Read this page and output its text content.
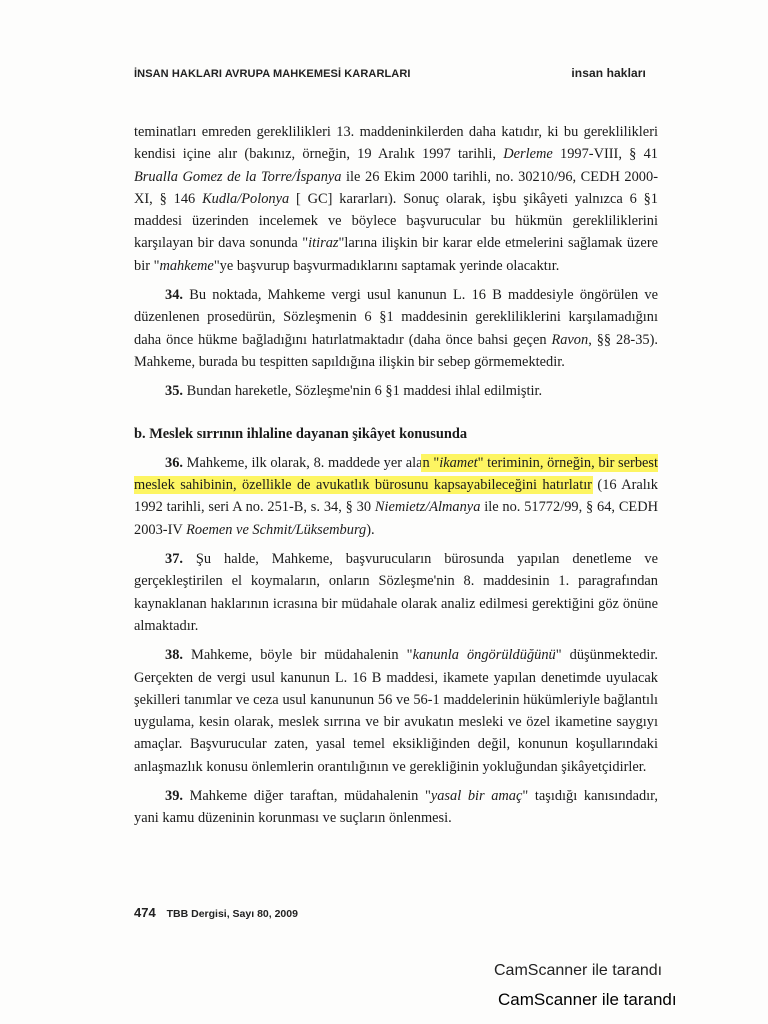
İNSAN HAKLARI AVRUPA MAHKEMESİ KARARLARI	insan hakları

teminatları emreden gereklilikleri 13. maddeninkilerden daha katıdır, ki bu gereklilikleri kendisi içine alır (bakınız, örneğin, 19 Aralık 1997 tarihli, Derleme 1997-VIII, § 41 Brualla Gomez de la Torre/İspanya ile 26 Ekim 2000 tarihli, no. 30210/96, CEDH 2000-XI, § 146 Kudla/Polonya [ GC] kararları). Sonuç olarak, işbu şikâyeti yalnızca 6 §1 maddesi üzerinden incelemek ve böylece başvurucular bu hükmün gerekliliklerini karşılayan bir dava sonunda "itiraz"larına ilişkin bir karar elde etmelerini sağlamak üzere bir "mahkeme"ye başvurup başvurmadıklarını saptamak yerinde olacaktır.

34. Bu noktada, Mahkeme vergi usul kanunun L. 16 B maddesiyle öngörülen ve düzenlenen prosedürün, Sözleşmenin 6 §1 maddesinin gerekliliklerini karşılamadığını daha önce hükme bağladığını hatırlatmaktadır (daha önce bahsi geçen Ravon, §§ 28-35). Mahkeme, burada bu tespitten sapıldığına ilişkin bir sebep görmemektedir.

35. Bundan hareketle, Sözleşme'nin 6 §1 maddesi ihlal edilmiştir.

b. Meslek sırrının ihlaline dayanan şikâyet konusunda

36. Mahkeme, ilk olarak, 8. maddede yer alan "ikamet" teriminin, örneğin, bir serbest meslek sahibinin, özellikle de avukatlık bürosunu kapsayabileceğini hatırlatır (16 Aralık 1992 tarihli, seri A no. 251-B, s. 34, § 30 Niemietz/Almanya ile no. 51772/99, § 64, CEDH 2003-IV Roemen ve Schmit/Lüksemburg).

37. Şu halde, Mahkeme, başvurucuların bürosunda yapılan denetleme ve gerçekleştirilen el koymaların, onların Sözleşme'nin 8. maddesinin 1. paragrafından kaynaklanan haklarının icrasına bir müdahale olarak analiz edilmesi gerektiğini göz önüne almaktadır.

38. Mahkeme, böyle bir müdahalenin "kanunla öngörüldüğünü" düşünmektedir. Gerçekten de vergi usul kanunun L. 16 B maddesi, ikamete yapılan denetimde uyulacak şekilleri tanımlar ve ceza usul kanununun 56 ve 56-1 maddelerinin hükümleriyle bağlantılı uygulama, kesin olarak, meslek sırrına ve bir avukatın mesleki ve özel ikametine saygıyı amaçlar. Başvurucular zaten, yasal temel eksikliğinden değil, konunun koşullarındaki anlaşmazlık konusu önlemlerin orantılığının ve gerekliğinin yokluğundan şikâyetçidirler.

39. Mahkeme diğer taraftan, müdahalenin "yasal bir amaç" taşıdığı kanısındadır, yani kamu düzeninin korunması ve suçların önlenmesi.

474 TBB Dergisi, Sayı 80, 2009
CamScanner ile tarandı
CamScanner ile tarandı
